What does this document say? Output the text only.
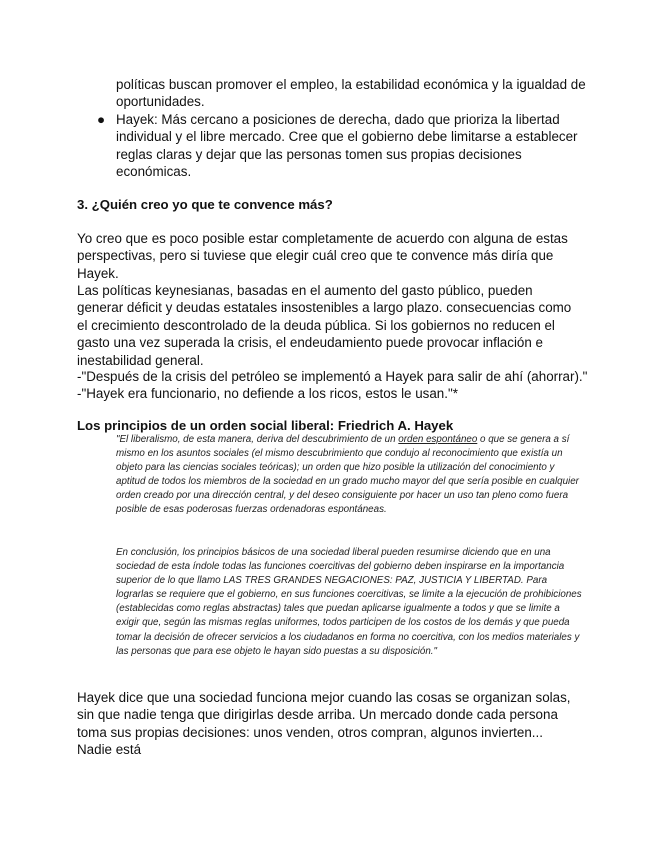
políticas buscan promover el empleo, la estabilidad económica y la igualdad de oportunidades.
● Hayek: Más cercano a posiciones de derecha, dado que prioriza la libertad individual y el libre mercado. Cree que el gobierno debe limitarse a establecer reglas claras y dejar que las personas tomen sus propias decisiones económicas.
3. ¿Quién creo yo que te convence más?
Yo creo que es poco posible estar completamente de acuerdo con alguna de estas perspectivas, pero si tuviese que elegir cuál creo que te convence más diría que Hayek.
Las políticas keynesianas, basadas en el aumento del gasto público, pueden generar déficit y deudas estatales insostenibles a largo plazo. consecuencias como el crecimiento descontrolado de la deuda pública. Si los gobiernos no reducen el gasto una vez superada la crisis, el endeudamiento puede provocar inflación e inestabilidad general.
-"Después de la crisis del petróleo se implementó a Hayek para salir de ahí (ahorrar)."
-"Hayek era funcionario, no defiende a los ricos, estos le usan."*
Los principios de un orden social liberal: Friedrich A. Hayek
"El liberalismo, de esta manera, deriva del descubrimiento de un orden espontáneo o que se genera a sí mismo en los asuntos sociales (el mismo descubrimiento que condujo al reconocimiento que existía un objeto para las ciencias sociales teóricas); un orden que hizo posible la utilización del conocimiento y aptitud de todos los miembros de la sociedad en un grado mucho mayor del que sería posible en cualquier orden creado por una dirección central, y del deseo consiguiente por hacer un uso tan pleno como fuera posible de esas poderosas fuerzas ordenadoras espontáneas.
En conclusión, los principios básicos de una sociedad liberal pueden resumirse diciendo que en una sociedad de esta índole todas las funciones coercitivas del gobierno deben inspirarse en la importancia superior de lo que llamo LAS TRES GRANDES NEGACIONES: PAZ, JUSTICIA Y LIBERTAD. Para lograrlas se requiere que el gobierno, en sus funciones coercitivas, se limite a la ejecución de prohibiciones (establecidas como reglas abstractas) tales que puedan aplicarse igualmente a todos y que se limite a exigir que, según las mismas reglas uniformes, todos participen de los costos de los demás y que pueda tomar la decisión de ofrecer servicios a los ciudadanos en forma no coercitiva, con los medios materiales y las personas que para ese objeto le hayan sido puestas a su disposición."
Hayek dice que una sociedad funciona mejor cuando las cosas se organizan solas, sin que nadie tenga que dirigirlas desde arriba. Un mercado donde cada persona toma sus propias decisiones: unos venden, otros compran, algunos invierten... Nadie está
